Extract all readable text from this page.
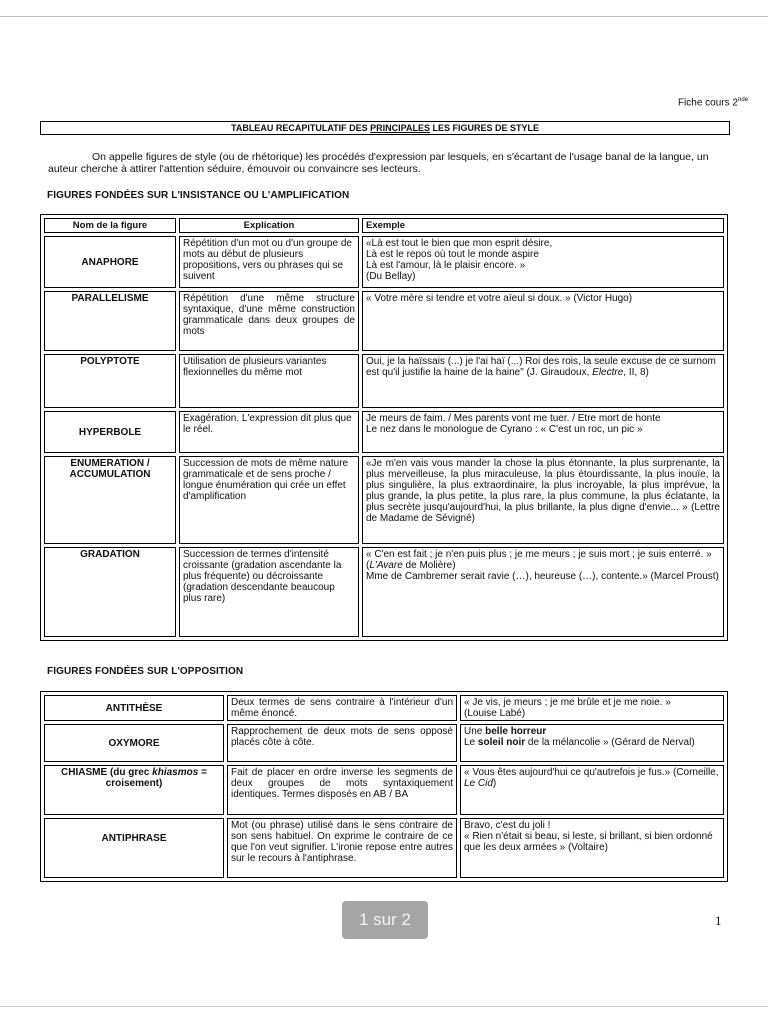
Fiche cours 2nde
TABLEAU RECAPITULATIF DES PRINCIPALES LES FIGURES DE STYLE
On appelle figures de style (ou de rhétorique) les procédés d'expression par lesquels, en s'écartant de l'usage banal de la langue, un auteur cherche à attirer l'attention séduire, émouvoir ou convaincre ses lecteurs.
FIGURES FONDÉES SUR L'INSISTANCE OU L'AMPLIFICATION
Nom de la figure	Explication	Exemple
ANAPHORE	Répétition d'un mot ou d'un groupe de mots au début de plusieurs propositions, vers ou phrases qui se suivent	«Là est tout le bien que mon esprit désire,
Là est le repos où tout le monde aspire
Là est l'amour, là le plaisir encore. »
(Du Bellay)

PARALLELISME	Répétition d'une même structure syntaxique, d'une même construction grammaticale dans deux groupes de mots	« Votre mère si tendre et votre aïeul si doux. » (Victor Hugo)
POLYPTOTE	Utilisation de plusieurs variantes flexionnelles du même mot	Oui, je la haïssais (...) je l'ai haï (...) Roi des rois, la seule excuse de ce surnom est qu'il justifie la haine de la haine" (J. Giraudoux, Electre, II, 8)
HYPERBOLE	Exagération. L'expression dit plus que le réel.	Je meurs de faim. / Mes parents vont me tuer. / Etre mort de honte
Le nez dans le monologue de Cyrano : « C'est un roc, un pic »

ENUMERATION / ACCUMULATION	Succession de mots de même nature grammaticale et de sens proche / longue énumération qui crée un effet d'amplification	«Je m'en vais vous mander la chose la plus étonnante, la plus surprenante, la plus merveilleuse, la plus miraculeuse, la plus étourdissante, la plus inouïe, la plus singulière, la plus extraordinaire, la plus incroyable, la plus imprévue, la plus grande, la plus petite, la plus rare, la plus commune, la plus éclatante, la plus secrète jusqu'aujourd'hui, la plus brillante, la plus digne d'envie... » (Lettre de Madame de Sévigné)
GRADATION	Succession de termes d'intensité croissante (gradation ascendante la plus fréquente) ou décroissante (gradation descendante beaucoup plus rare)	« C'en est fait ; je n'en puis plus ; je me meurs ; je suis mort ; je suis enterré. » (L'Avare de Molière)
Mme de Cambremer serait ravie (…), heureuse (…), contente.» (Marcel Proust)
FIGURES FONDÉES SUR L'OPPOSITION
ANTITHÈSE	Deux termes de sens contraire à l'intérieur d'un même énoncé.	« Je vis, je meurs ; je me brûle et je me noie. »
(Louise Labé)

OXYMORE	Rapprochement de deux mots de sens opposé placés côte à côte.	Une belle horreur
Le soleil noir de la mélancolie » (Gérard de Nerval)

CHIASME (du grec khiasmos = croisement)	Fait de placer en ordre inverse les segments de deux groupes de mots syntaxiquement identiques. Termes disposés en AB / BA	« Vous êtes aujourd'hui ce qu'autrefois je fus.» (Corneille, Le Cid)
ANTIPHRASE	Mot (ou phrase) utilisé dans le sens contraire de son sens habituel. On exprime le contraire de ce que l'on veut signifier. L'ironie repose entre autres sur le recours à l'antiphrase.	Bravo, c'est du joli !
« Rien n'était si beau, si leste, si brillant, si bien ordonné que les deux armées » (Voltaire)
1 sur 2	1
